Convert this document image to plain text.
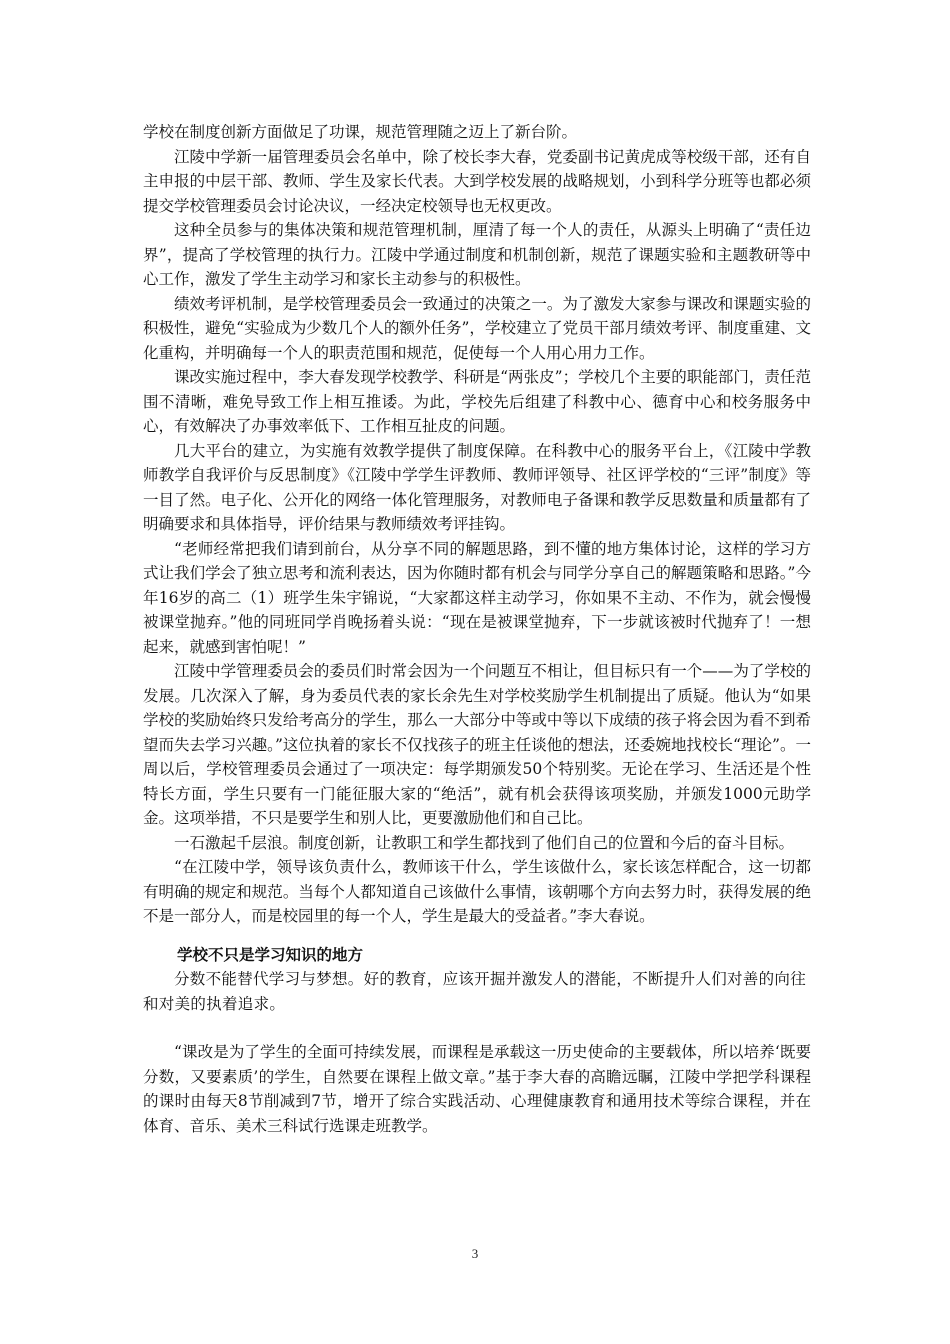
学校在制度创新方面做足了功课，规范管理随之迈上了新台阶。

江陵中学新一届管理委员会名单中，除了校长李大春，党委副书记黄虎成等校级干部，还有自主申报的中层干部、教师、学生及家长代表。大到学校发展的战略规划，小到科学分班等也都必须提交学校管理委员会讨论决议，一经决定校领导也无权更改。

这种全员参与的集体决策和规范管理机制，厘清了每一个人的责任，从源头上明确了“责任边界”，提高了学校管理的执行力。江陵中学通过制度和机制创新，规范了课题实验和主题教研等中心工作，激发了学生主动学习和家长主动参与的积极性。

绩效考评机制，是学校管理委员会一致通过的决策之一。为了激发大家参与课改和课题实验的积极性，避免“实验成为少数几个人的额外任务”，学校建立了党员干部月绩效考评、制度重建、文化重构，并明确每一个人的职责范围和规范，促使每一个人用心用力工作。

课改实施过程中，李大春发现学校教学、科研是“两张皮”；学校几个主要的职能部门，责任范围不清晰，难免导致工作上相互推诿。为此，学校先后组建了科教中心、德育中心和校务服务中心，有效解决了办事效率低下、工作相互扯皮的问题。

几大平台的建立，为实施有效教学提供了制度保障。在科教中心的服务平台上，《江陵中学教师教学自我评价与反思制度》《江陵中学学生评教师、教师评领导、社区评学校的“三评”制度》等一目了然。电子化、公开化的网络一体化管理服务，对教师电子备课和教学反思数量和质量都有了明确要求和具体指导，评价结果与教师绩效考评挂钩。

“老师经常把我们请到前台，从分享不同的解题思路，到不懂的地方集体讨论，这样的学习方式让我们学会了独立思考和流利表达，因为你随时都有机会与同学分享自己的解题策略和思路。”今年16岁的高二（1）班学生朱宇锦说，“大家都这样主动学习，你如果不主动、不作为，就会慢慢被课堂抛弃。”他的同班同学肖晚扬着头说：“现在是被课堂抛弃，下一步就该被时代抛弃了！一想起来，就感到害怕呢！”

江陵中学管理委员会的委员们时常会因为一个问题互不相让，但目标只有一个——为了学校的发展。几次深入了解，身为委员代表的家长余先生对学校奖励学生机制提出了质疑。他认为“如果学校的奖励始终只发给考高分的学生，那么一大部分中等或中等以下成绩的孩子将会因为看不到希望而失去学习兴趣。”这位执着的家长不仅找孩子的班主任谈他的想法，还委婉地找校长“理论”。一周以后，学校管理委员会通过了一项决定：每学期颁发50个特别奖。无论在学习、生活还是个性特长方面，学生只要有一门能征服大家的“绝活”，就有机会获得该项奖励，并颁发1000元助学金。这项举措，不只是要学生和别人比，更要激励他们和自己比。

一石激起千层浪。制度创新，让教职工和学生都找到了他们自己的位置和今后的奋斗目标。

“在江陵中学，领导该负责什么，教师该干什么，学生该做什么，家长该怎样配合，这一切都有明确的规定和规范。当每个人都知道自己该做什么事情，该朝哪个方向去努力时，获得发展的绝不是一部分人，而是校园里的每一个人，学生是最大的受益者。”李大春说。

学校不只是学习知识的地方

分数不能替代学习与梦想。好的教育，应该开掘并激发人的潜能，不断提升人们对善的向往和对美的执着追求。

“课改是为了学生的全面可持续发展，而课程是承载这一历史使命的主要载体，所以培养‘既要分数，又要素质’的学生，自然要在课程上做文章。”基于李大春的高瞻远瞩，江陵中学把学科课程的课时由每天8节削减到7节，增开了综合实践活动、心理健康教育和通用技术等综合课程，并在体育、音乐、美术三科试行选课走班教学。

3
